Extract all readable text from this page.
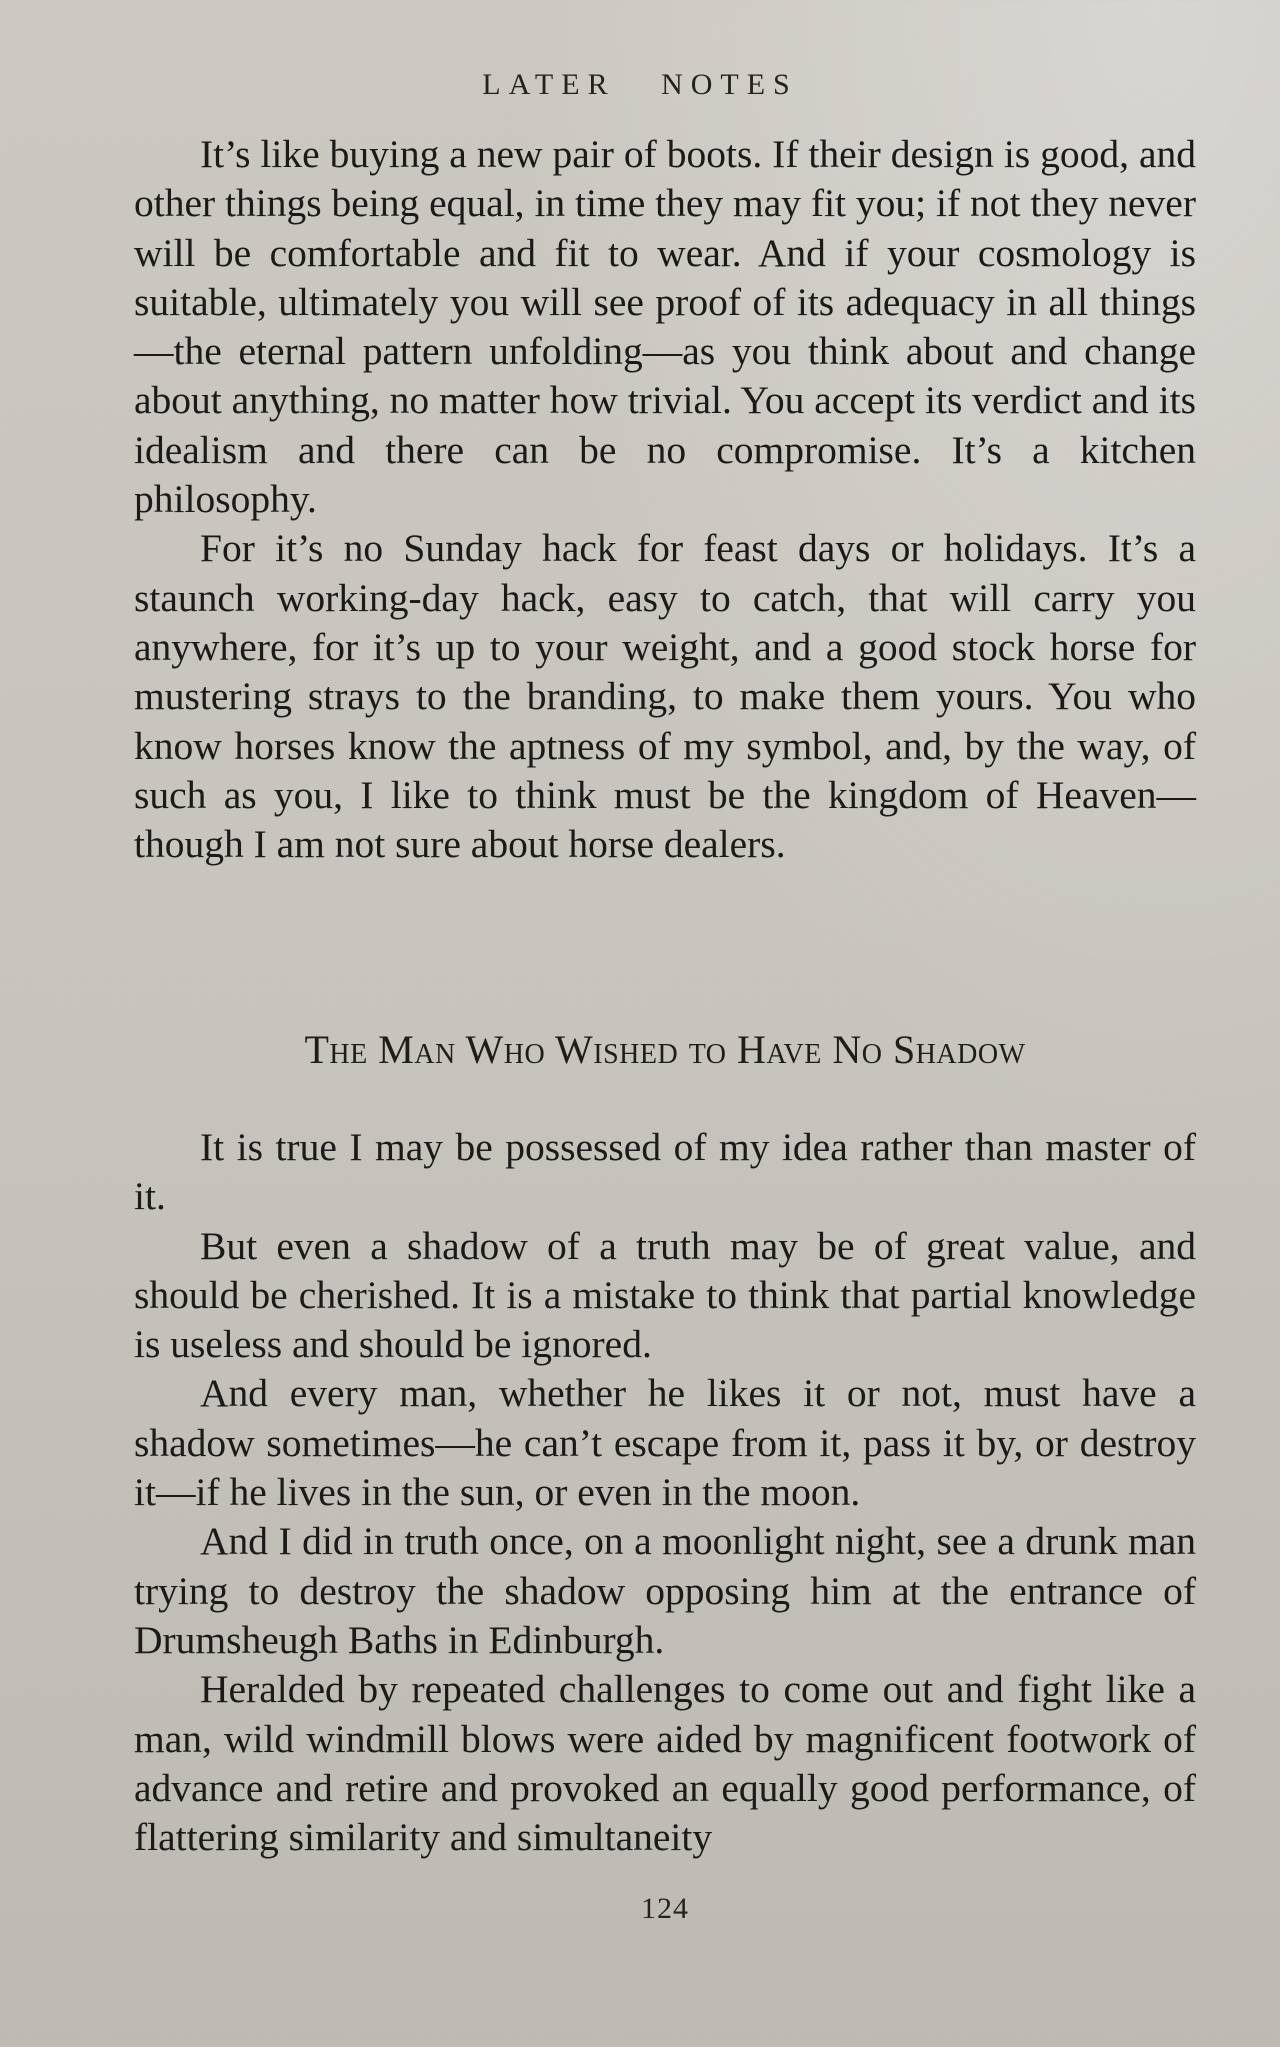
LATER NOTES

It’s like buying a new pair of boots. If their design is good, and other things being equal, in time they may fit you; if not they never will be comfortable and fit to wear. And if your cosmology is suitable, ultimately you will see proof of its adequacy in all things—the eternal pattern unfolding—as you think about and change about anything, no matter how trivial. You accept its verdict and its idealism and there can be no compromise. It’s a kitchen philosophy.

For it’s no Sunday hack for feast days or holidays. It’s a staunch working-day hack, easy to catch, that will carry you anywhere, for it’s up to your weight, and a good stock horse for mustering strays to the branding, to make them yours. You who know horses know the aptness of my symbol, and, by the way, of such as you, I like to think must be the kingdom of Heaven—though I am not sure about horse dealers.

The Man Who Wished to Have No Shadow

It is true I may be possessed of my idea rather than master of it.

But even a shadow of a truth may be of great value, and should be cherished. It is a mistake to think that partial knowledge is useless and should be ignored.

And every man, whether he likes it or not, must have a shadow sometimes—he can’t escape from it, pass it by, or destroy it—if he lives in the sun, or even in the moon.

And I did in truth once, on a moonlight night, see a drunk man trying to destroy the shadow opposing him at the entrance of Drumsheugh Baths in Edinburgh.

Heralded by repeated challenges to come out and fight like a man, wild windmill blows were aided by magnificent footwork of advance and retire and provoked an equally good performance, of flattering similarity and simultaneity

124
